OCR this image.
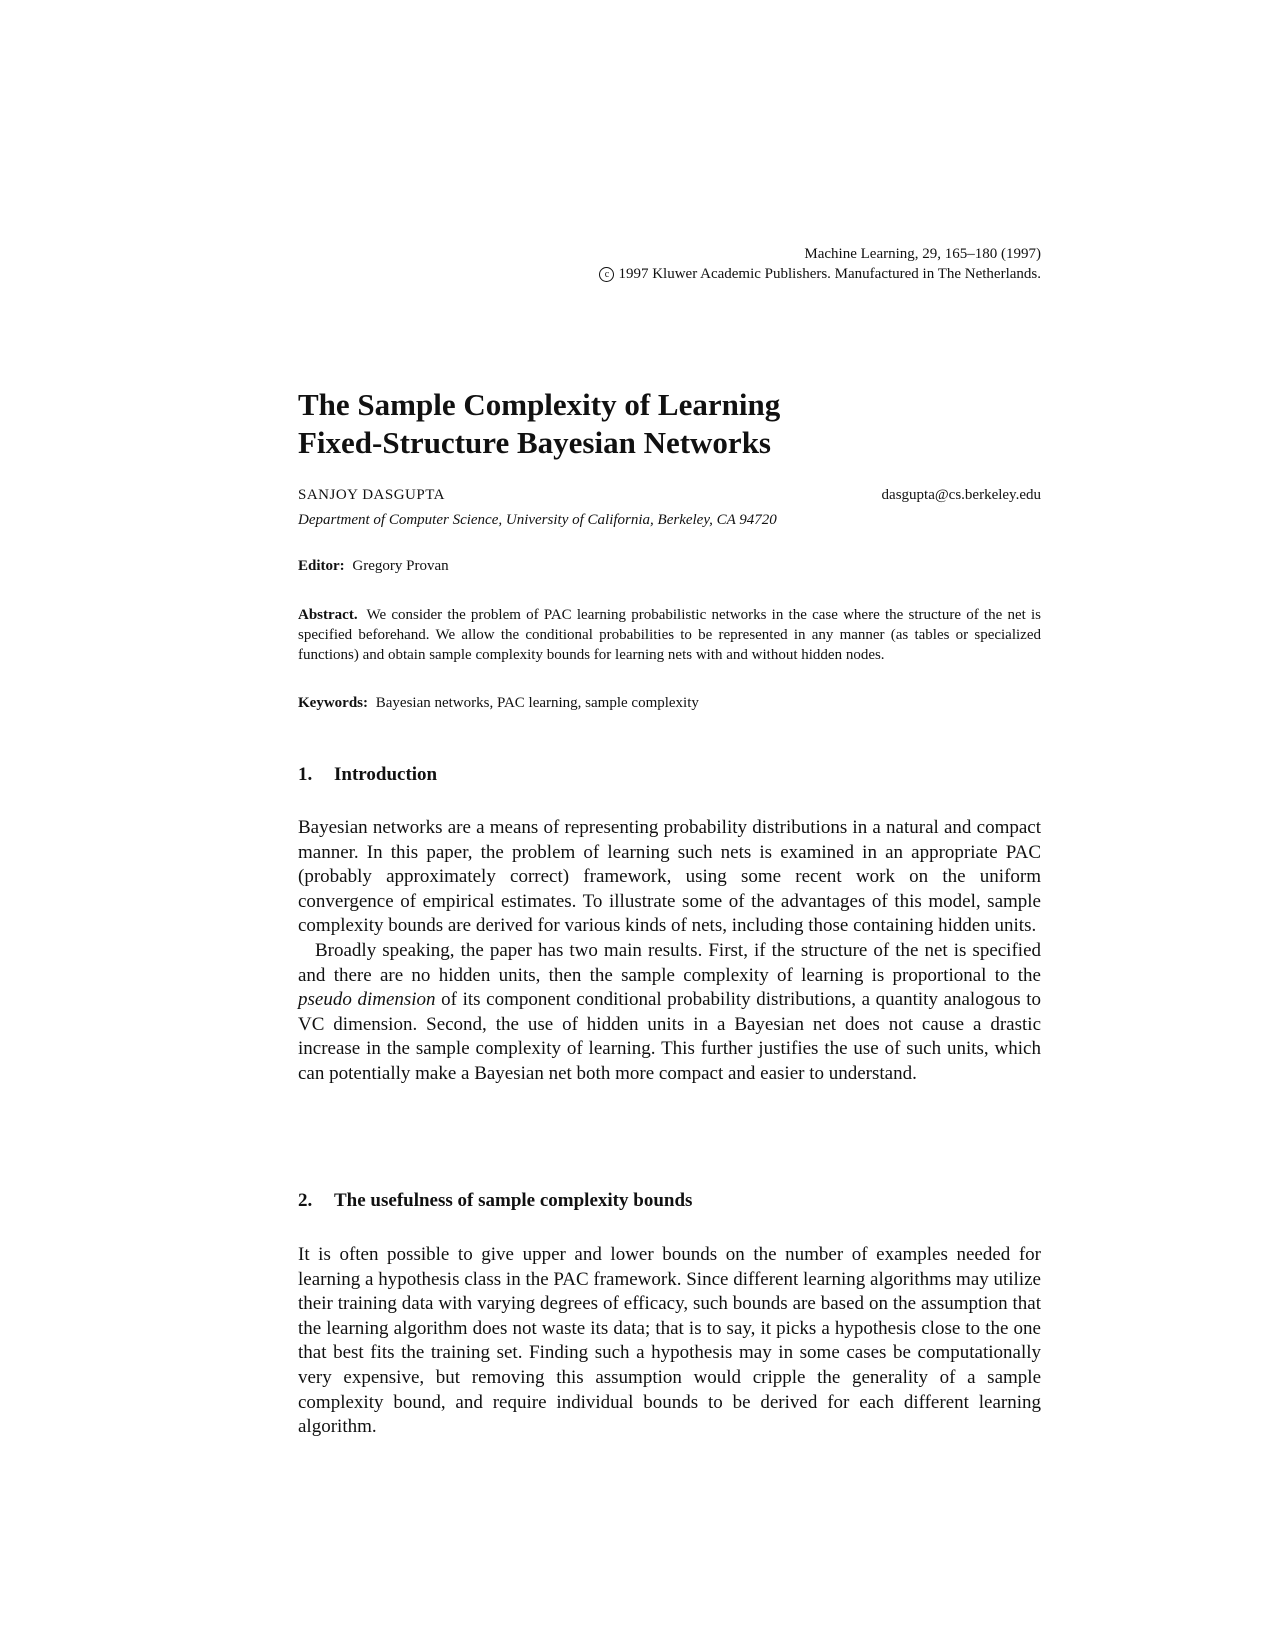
Machine Learning, 29, 165–180 (1997)
c 1997 Kluwer Academic Publishers. Manufactured in The Netherlands.
The Sample Complexity of Learning
Fixed-Structure Bayesian Networks
SANJOY DASGUPTA	dasgupta@cs.berkeley.edu
Department of Computer Science, University of California, Berkeley, CA 94720
Editor: Gregory Provan
Abstract. We consider the problem of PAC learning probabilistic networks in the case where the structure of the net is specified beforehand. We allow the conditional probabilities to be represented in any manner (as tables or specialized functions) and obtain sample complexity bounds for learning nets with and without hidden nodes.
Keywords: Bayesian networks, PAC learning, sample complexity
1. Introduction

Bayesian networks are a means of representing probability distributions in a natural and compact manner. In this paper, the problem of learning such nets is examined in an appropriate PAC (probably approximately correct) framework, using some recent work on the uniform convergence of empirical estimates. To illustrate some of the advantages of this model, sample complexity bounds are derived for various kinds of nets, including those containing hidden units.

Broadly speaking, the paper has two main results. First, if the structure of the net is specified and there are no hidden units, then the sample complexity of learning is proportional to the pseudo dimension of its component conditional probability distributions, a quantity analogous to VC dimension. Second, the use of hidden units in a Bayesian net does not cause a drastic increase in the sample complexity of learning. This further justifies the use of such units, which can potentially make a Bayesian net both more compact and easier to understand.

2. The usefulness of sample complexity bounds

It is often possible to give upper and lower bounds on the number of examples needed for learning a hypothesis class in the PAC framework. Since different learning algorithms may utilize their training data with varying degrees of efficacy, such bounds are based on the assumption that the learning algorithm does not waste its data; that is to say, it picks a hypothesis close to the one that best fits the training set. Finding such a hypothesis may in some cases be computationally very expensive, but removing this assumption would cripple the generality of a sample complexity bound, and require individual bounds to be derived for each different learning algorithm.
